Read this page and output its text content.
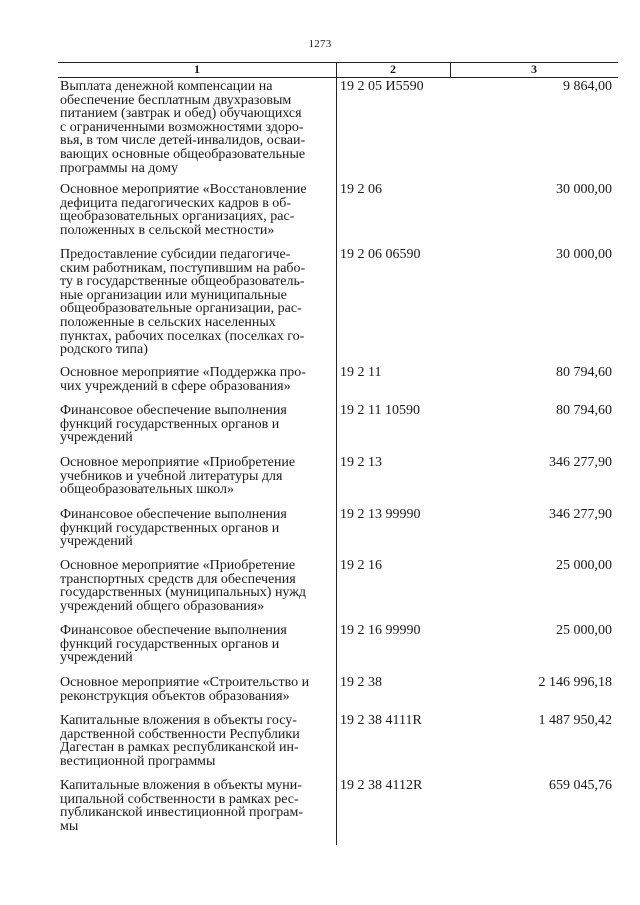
1273
1	2	3
Выплата денежной компенсации на
обеспечение бесплатным двухразовым
питанием (завтрак и обед) обучающихся
с ограниченными возможностями здоро-
вья, в том числе детей-инвалидов, осваи-
вающих основные общеобразовательные
программы на дому
19 2 05 И5590	9 864,00
Основное мероприятие «Восстановление
дефицита педагогических кадров в об-
щеобразовательных организациях, рас-
положенных в сельской местности»
19 2 06	30 000,00
Предоставление субсидии педагогиче-
ским работникам, поступившим на рабо-
ту в государственные общеобразователь-
ные организации или муниципальные
общеобразовательные организации, рас-
положенные в сельских населенных
пунктах, рабочих поселках (поселках го-
родского типа)
19 2 06 06590	30 000,00
Основное мероприятие «Поддержка про-
чих учреждений в сфере образования»
19 2 11	80 794,60
Финансовое обеспечение выполнения
функций государственных органов и
учреждений
19 2 11 10590	80 794,60
Основное мероприятие «Приобретение
учебников и учебной литературы для
общеобразовательных школ»
19 2 13	346 277,90
Финансовое обеспечение выполнения
функций государственных органов и
учреждений
19 2 13 99990	346 277,90
Основное мероприятие «Приобретение
транспортных средств для обеспечения
государственных (муниципальных) нужд
учреждений общего образования»
19 2 16	25 000,00
Финансовое обеспечение выполнения
функций государственных органов и
учреждений
19 2 16 99990	25 000,00
Основное мероприятие «Строительство и
реконструкция объектов образования»
19 2 38	2 146 996,18
Капитальные вложения в объекты госу-
дарственной собственности Республики
Дагестан в рамках республиканской ин-
вестиционной программы
19 2 38 4111R	1 487 950,42
Капитальные вложения в объекты муни-
ципальной собственности в рамках рес-
публиканской инвестиционной програм-
мы
19 2 38 4112R	659 045,76
